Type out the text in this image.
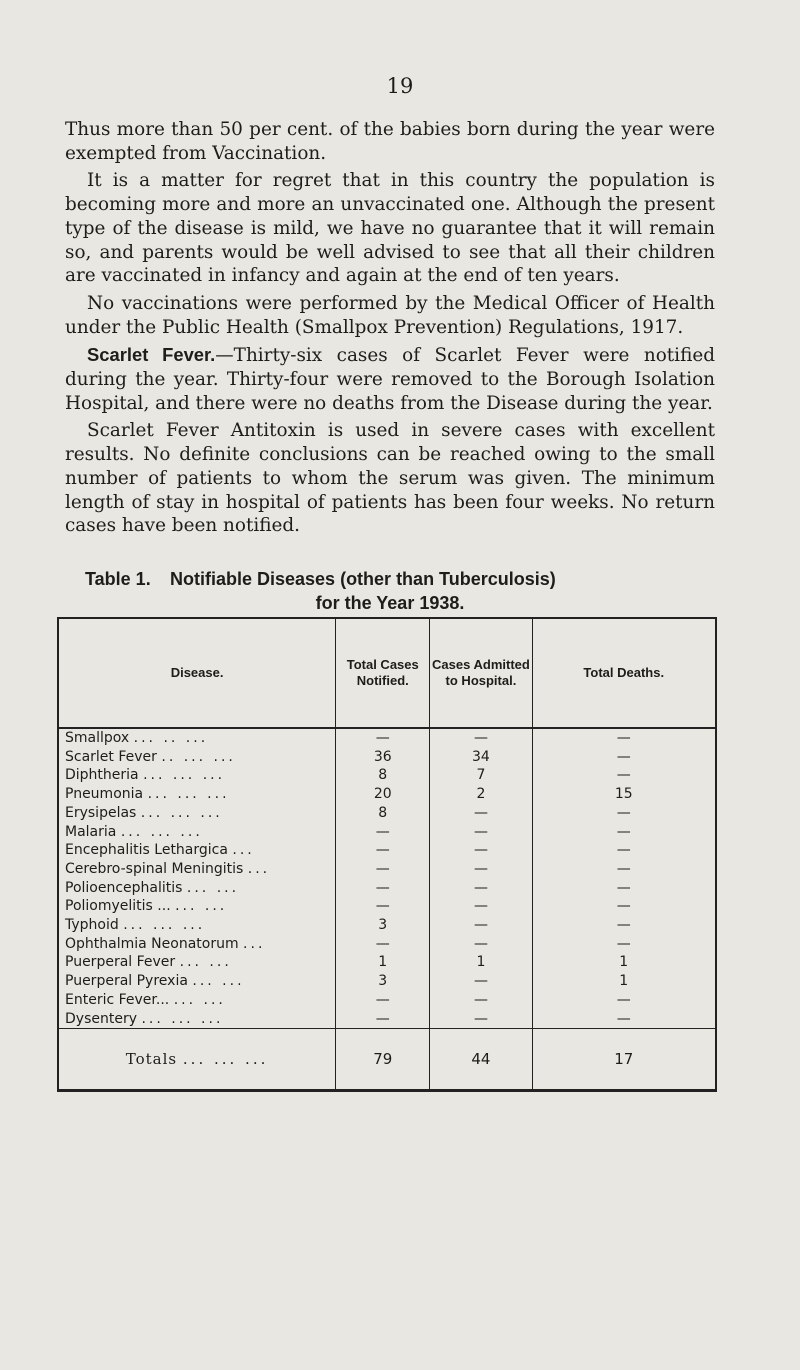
19

Thus more than 50 per cent. of the babies born during the year were exempted from Vaccination.

It is a matter for regret that in this country the population is becoming more and more an unvaccinated one. Although the present type of the disease is mild, we have no guarantee that it will remain so, and parents would be well advised to see that all their children are vaccinated in infancy and again at the end of ten years.

No vaccinations were performed by the Medical Officer of Health under the Public Health (Smallpox Prevention) Regulations, 1917.

Scarlet Fever.—Thirty-six cases of Scarlet Fever were notified during the year. Thirty-four were removed to the Borough Isolation Hospital, and there were no deaths from the Disease during the year.

Scarlet Fever Antitoxin is used in severe cases with excellent results. No definite conclusions can be reached owing to the small number of patients to whom the serum was given. The minimum length of stay in hospital of patients has been four weeks. No return cases have been notified.

Table 1.	Notifiable Diseases (other than Tuberculosis)
for the Year 1938.
Disease.	Total Cases Notified.	Cases Admitted to Hospital.	Total Deaths.
Smallpox ... .. ...	—	—	—
Scarlet Fever .. ... ...	36	34	—
Diphtheria ... ... ...	8	7	—
Pneumonia ... ... ...	20	2	15
Erysipelas ... ... ...	8	—	—
Malaria ... ... ...	—	—	—
Encephalitis Lethargica ...	—	—	—
Cerebro-spinal Meningitis ...	—	—	—
Polioencephalitis ... ...	—	—	—
Poliomyelitis ... ... ...	—	—	—
Typhoid ... ... ...	3	—	—
Ophthalmia Neonatorum ...	—	—	—
Puerperal Fever ... ...	1	1	1
Puerperal Pyrexia ... ...	3	—	1
Enteric Fever... ... ...	—	—	—
Dysentery ... ... ...	—	—	—
Totals ... ... ...	79	44	17
